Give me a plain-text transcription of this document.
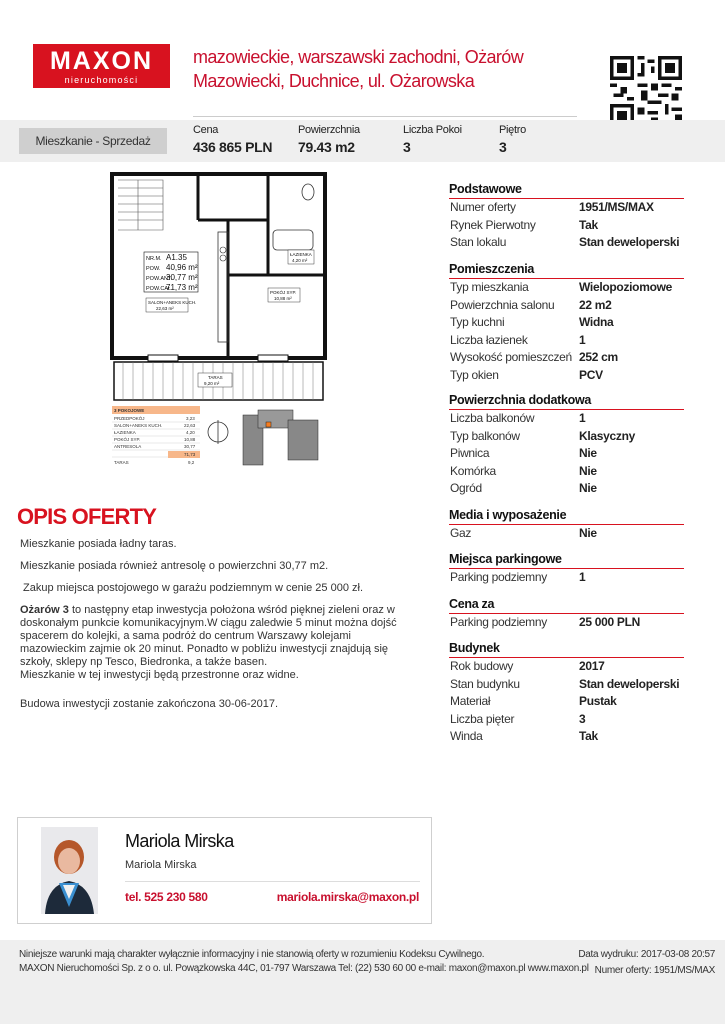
MAXON
nieruchomości
mazowieckie, warszawski zachodni, Ożarów Mazowiecki, Duchnice, ul. Ożarowska
Mieszkanie - Sprzedaż
Cena
436 865 PLN
Powierzchnia
79.43 m2
Liczba Pokoi
3
Piętro
3
NR.M. A1.35
POW. 40,96 m²
POW.ANT.
30,77 m²
POW.CAŁ.
71,73 m²
SALON+ANEKS KUCH.
22,63 m²
ŁAZIENKA
4,20 m²
POKÓJ SYP.
10,88 m²
TARAS
9,20 m²
3 POKOJOWE
PRZEDPOKÓJ	3,23
SALON+ANEKS KUCH.	22,63
ŁAZIENKA	4,20
POKÓJ SYP.	10,88
ANTRESOLA	30,77
71,73
TARAS	9,2
OPIS OFERTY

Mieszkanie posiada ładny taras.

Mieszkanie posiada również antresolę o powierzchni 30,77 m2.

Zakup miejsca postojowego w garażu podziemnym w cenie 25 000 zł.

Ożarów 3 to następny etap inwestycja położona wśród pięknej zieleni oraz w doskonałym punkcie komunikacyjnym.W ciągu zaledwie 5 minut można dojść spacerem do kolejki, a sama podróż do centrum Warszawy kolejami mazowieckim zajmie ok 20 minut. Ponadto w pobliżu inwestycji znajdują się szkoły, sklepy np Tesco, Biedronka, a także basen.

Mieszkanie w tej inwestycji będą przestronne oraz widne.

Budowa inwestycji zostanie zakończona 30-06-2017.

Podstawowe
Numer oferty	1951/MS/MAX
Rynek Pierwotny	Tak
Stan lokalu	Stan deweloperski
Pomieszczenia
Typ mieszkania	Wielopoziomowe
Powierzchnia salonu 22 m2
Typ kuchni	Widna
Liczba łazienek	1
Wysokość pomieszczeń 252 cm
Typ okien	PCV
Powierzchnia dodatkowa
Liczba balkonów	1
Typ balkonów	Klasyczny
Piwnica	Nie
Komórka	Nie
Ogród	Nie
Media i wyposażenie
Gaz	Nie
Miejsca parkingowe
Parking podziemny	1
Cena za
Parking podziemny	25 000 PLN
Budynek
Rok budowy	2017
Stan budynku	Stan deweloperski
Materiał	Pustak
Liczba pięter	3
Winda	Tak
Mariola Mirska
Mariola Mirska
tel. 525 230 580	mariola.mirska@maxon.pl
Niniejsze warunki mają charakter wyłącznie informacyjny i nie stanowią oferty w rozumieniu Kodeksu Cywilnego.
MAXON Nieruchomości Sp. z o o. ul. Powązkowska 44C, 01-797 Warszawa Tel: (22) 530 60 00 e-mail: maxon@maxon.pl www.maxon.pl
Data wydruku: 2017-03-08 20:57
Numer oferty: 1951/MS/MAX
